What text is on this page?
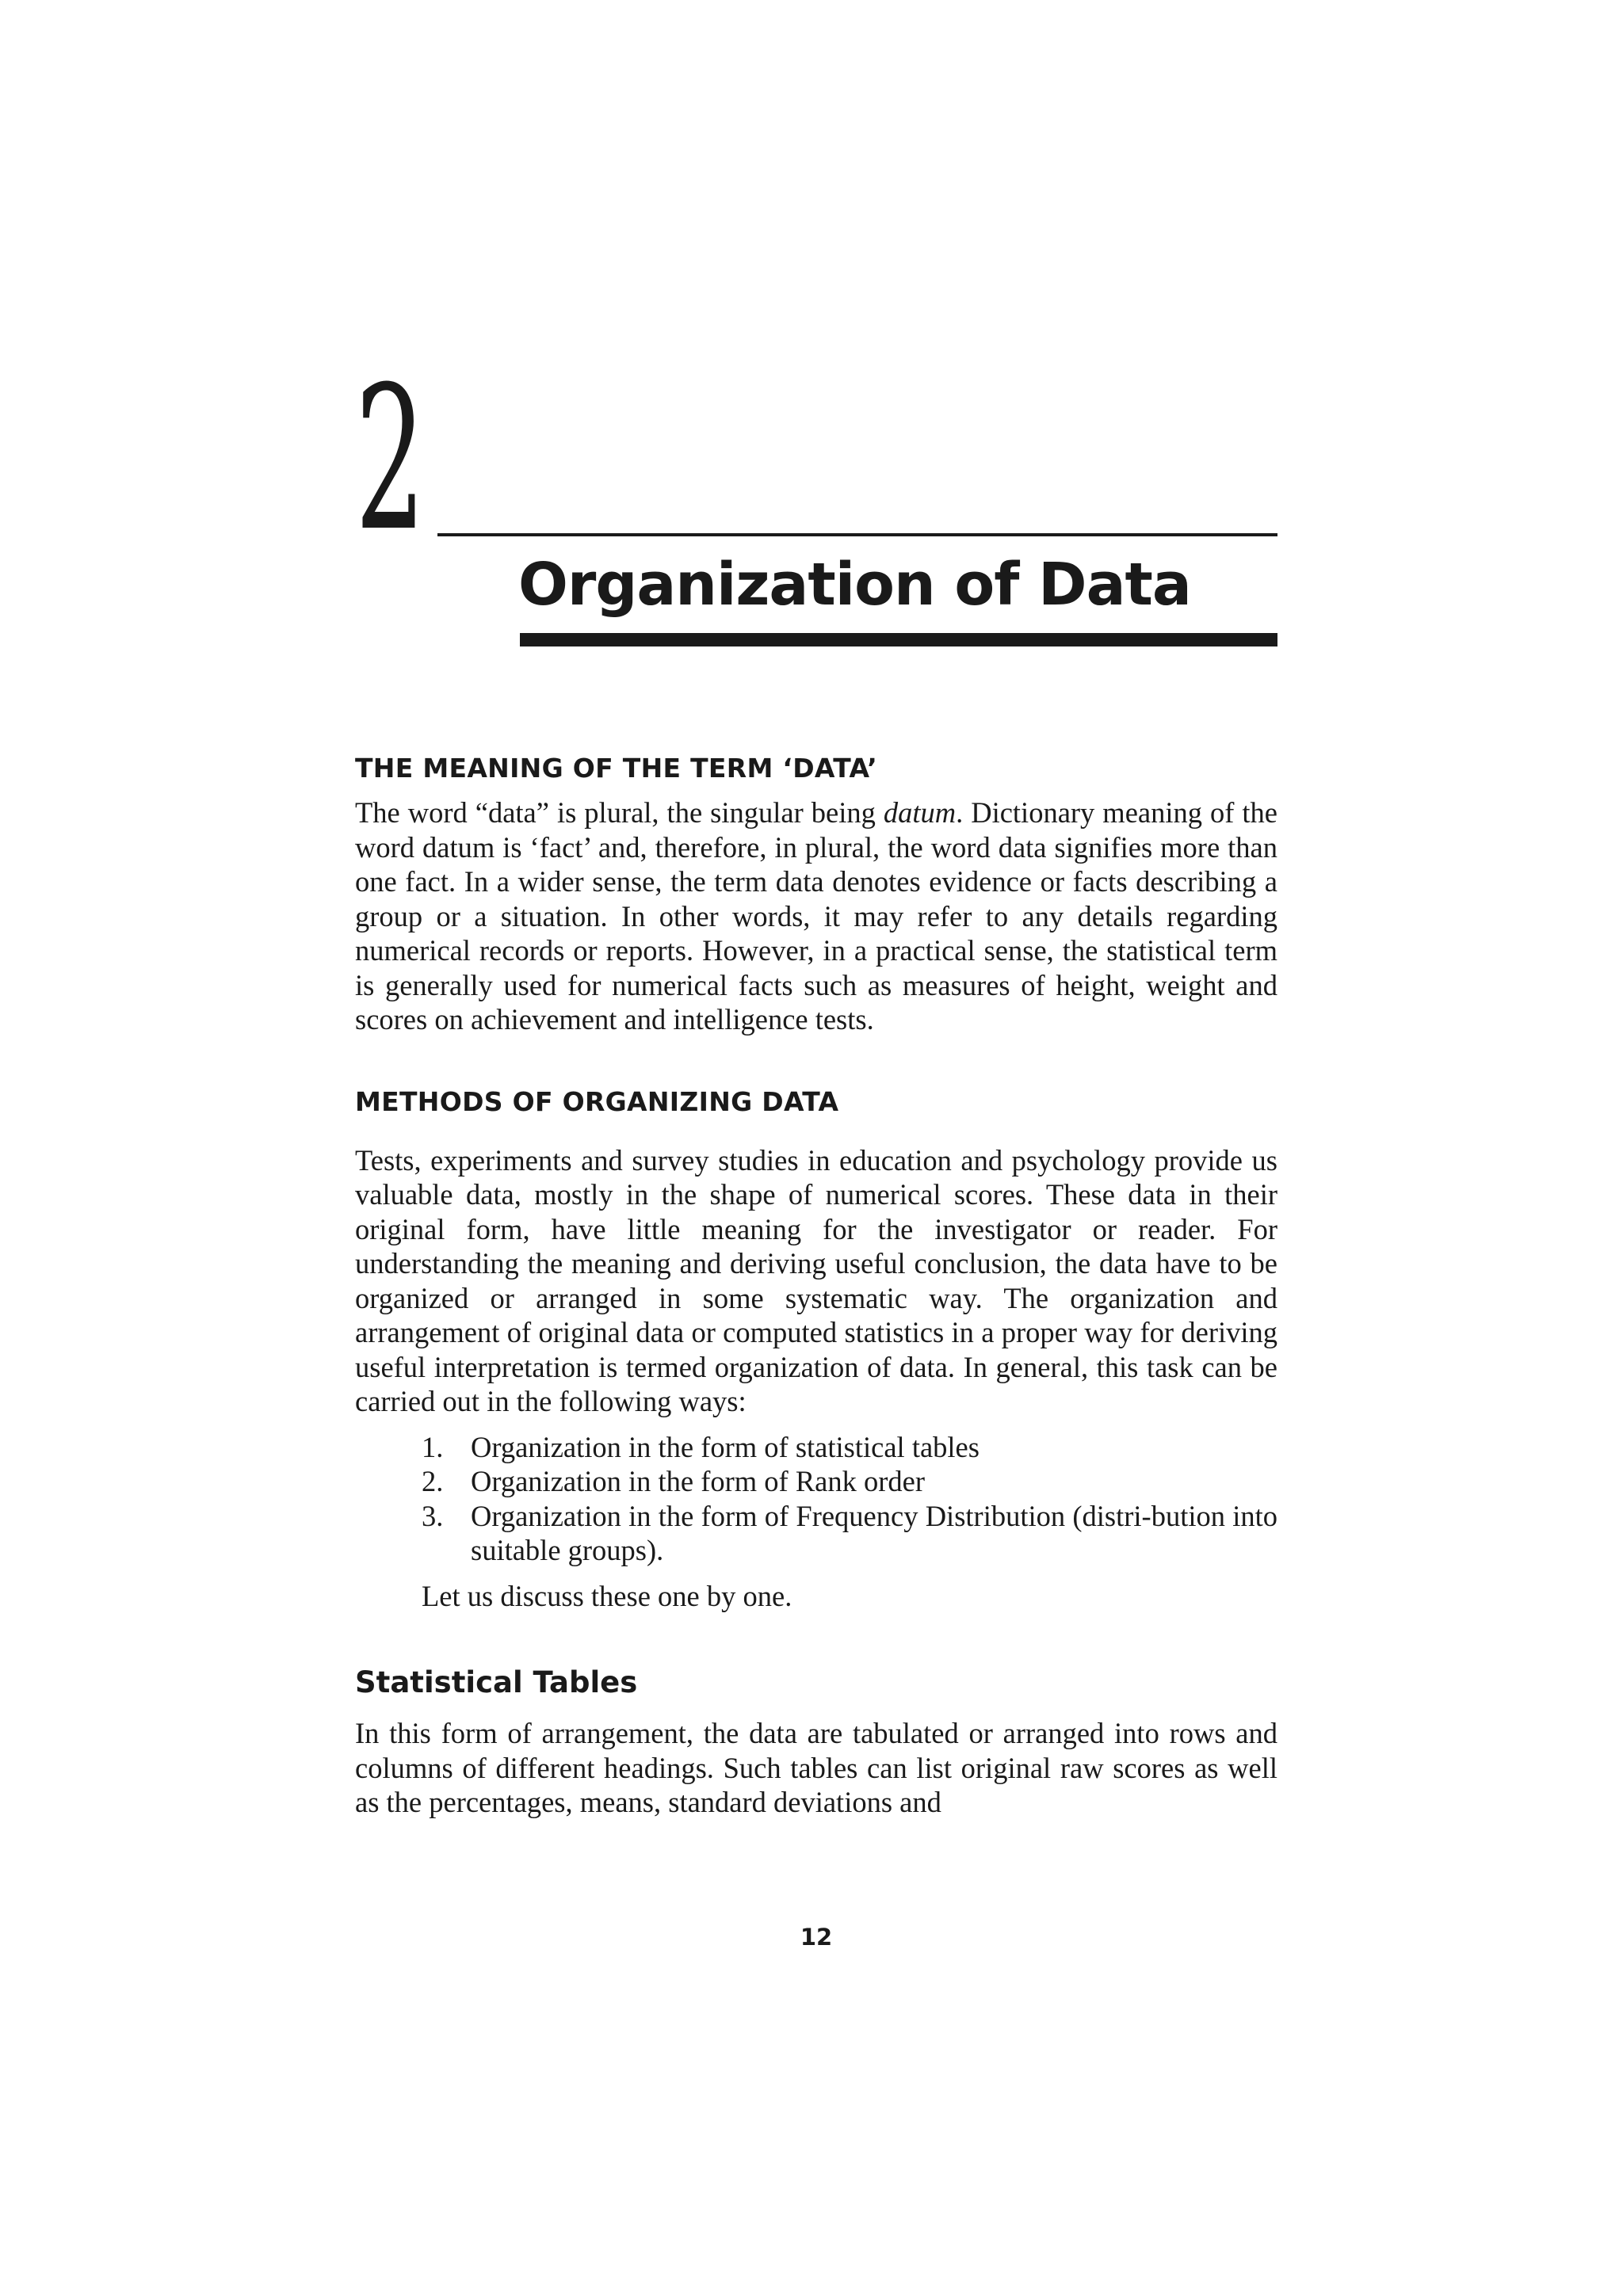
2
Organization of Data
THE MEANING OF THE TERM ‘DATA’

The word “data” is plural, the singular being datum. Dictionary meaning of the word datum is ‘fact’ and, therefore, in plural, the word data signifies more than one fact. In a wider sense, the term data denotes evidence or facts describing a group or a situation. In other words, it may refer to any details regarding numerical records or reports. However, in a practical sense, the statistical term is generally used for numerical facts such as measures of height, weight and scores on achievement and intelligence tests.

METHODS OF ORGANIZING DATA

Tests, experiments and survey studies in education and psychology provide us valuable data, mostly in the shape of numerical scores. These data in their original form, have little meaning for the investigator or reader. For understanding the meaning and deriving useful conclusion, the data have to be organized or arranged in some systematic way. The organization and arrangement of original data or computed statistics in a proper way for deriving useful interpretation is termed organization of data. In general, this task can be carried out in the following ways:

1. Organization in the form of statistical tables
2. Organization in the form of Rank order
3. Organization in the form of Frequency Distribution (distri-bution into suitable groups).

Let us discuss these one by one.

Statistical Tables

In this form of arrangement, the data are tabulated or arranged into rows and columns of different headings. Such tables can list original raw scores as well as the percentages, means, standard deviations and

12
